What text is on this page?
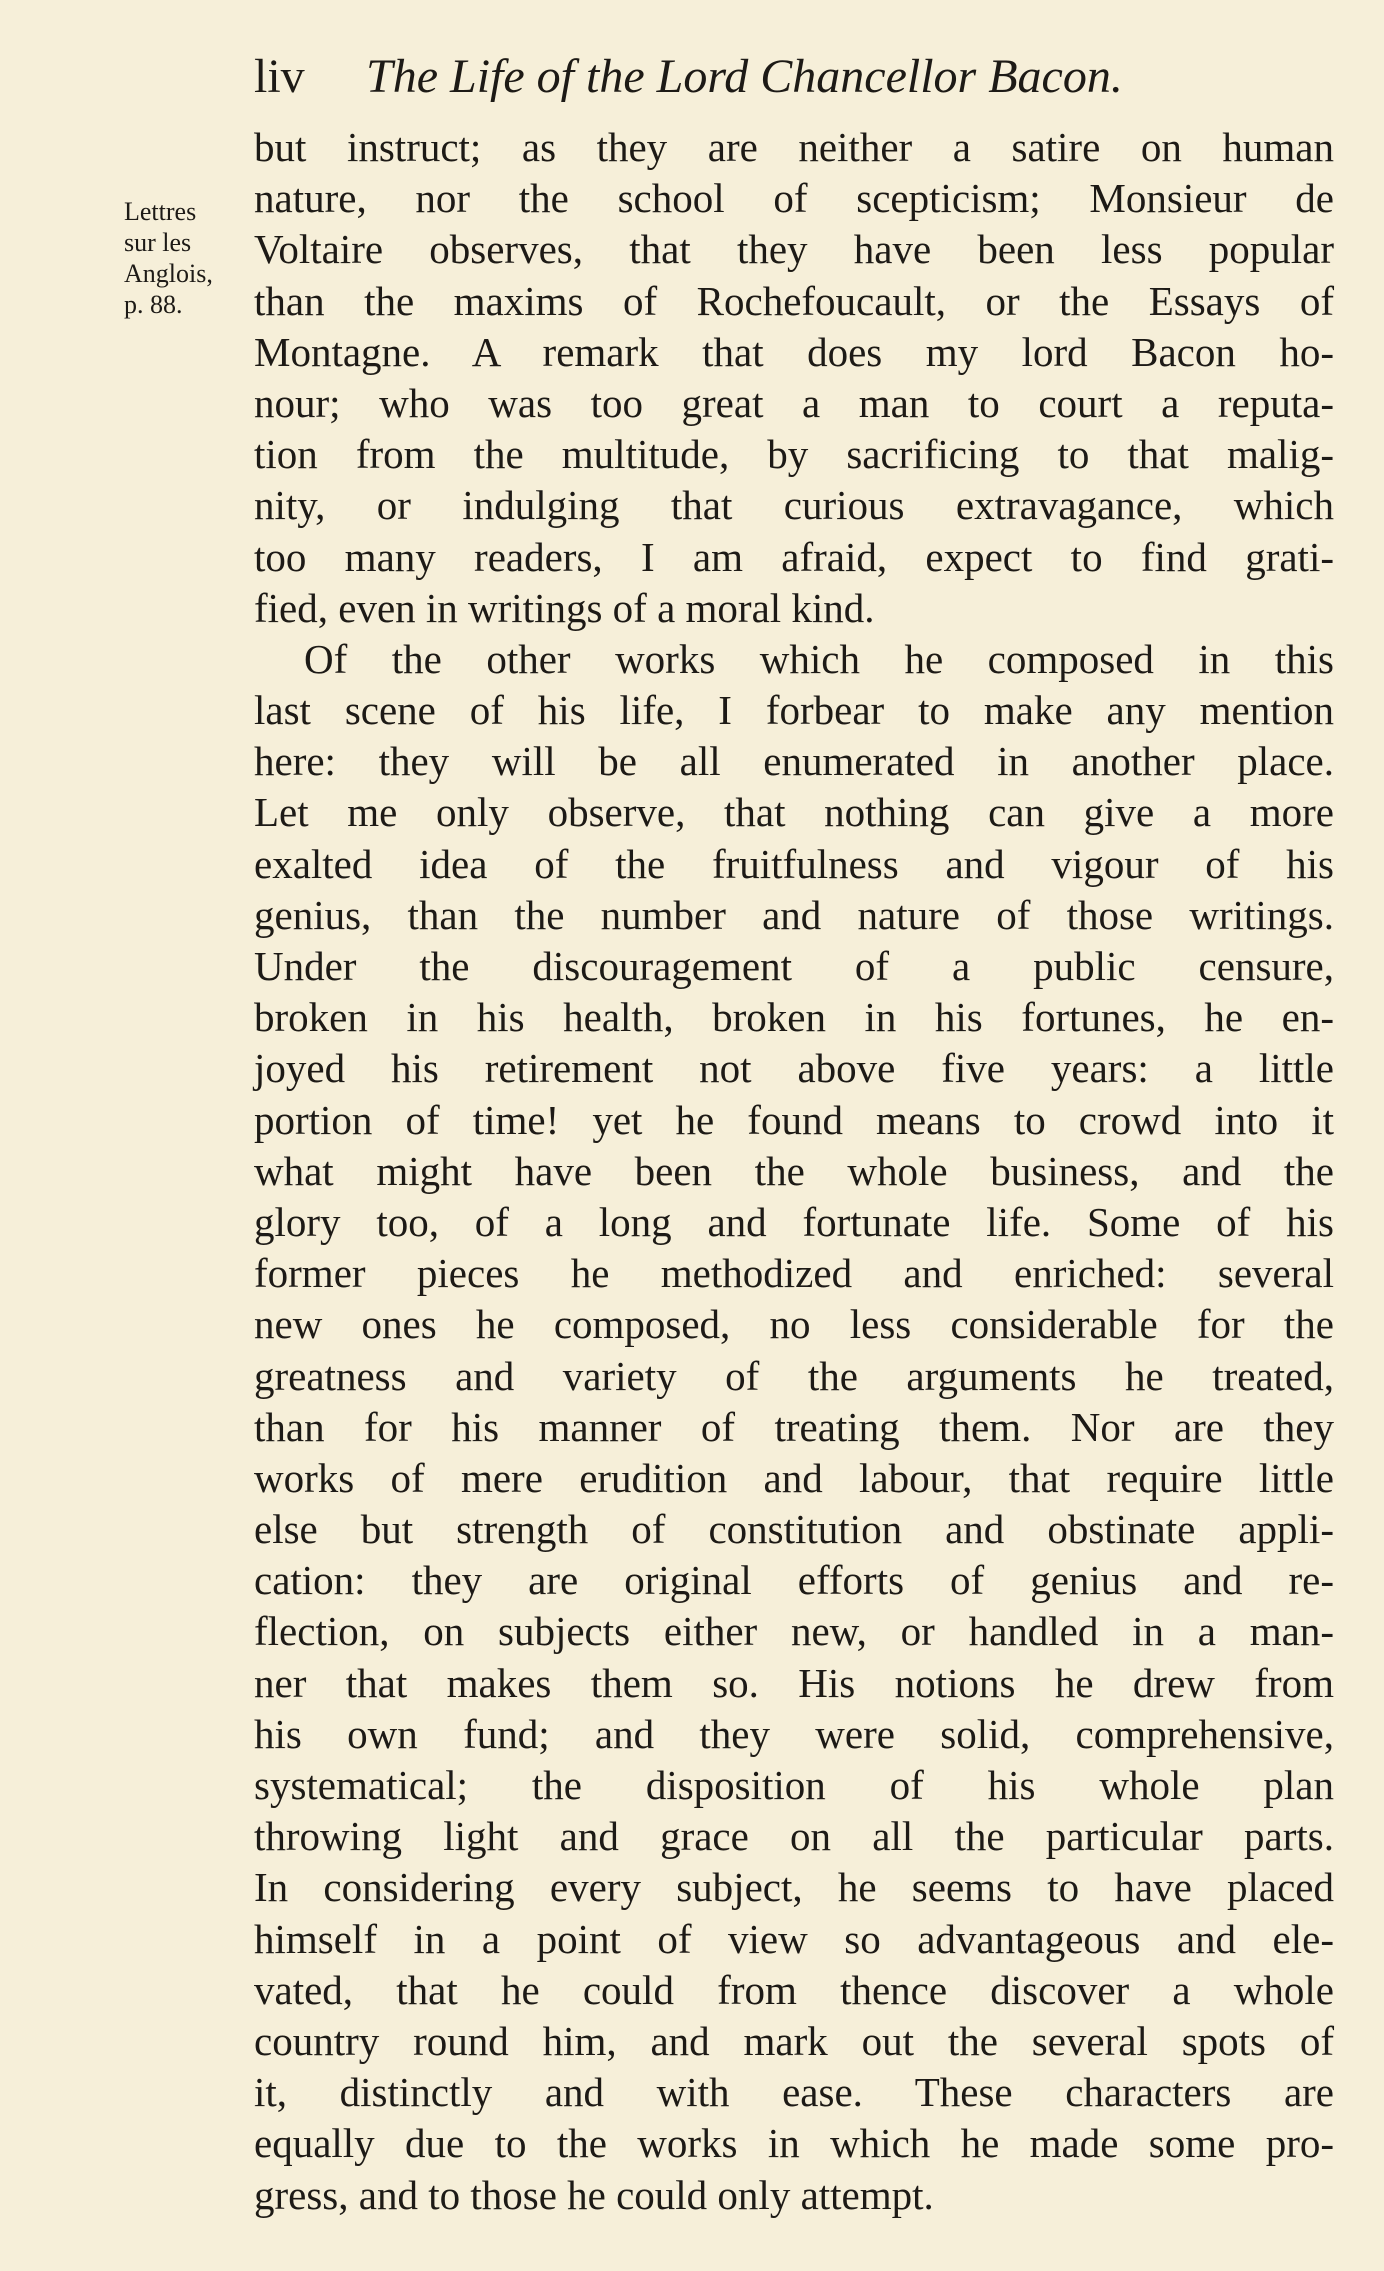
liv The Life of the Lord Chancellor Bacon.
Lettres
sur les
Anglois,
p. 88.
but instruct; as they are neither a satire on human
nature, nor the school of scepticism; Monsieur de
Voltaire observes, that they have been less popular
than the maxims of Rochefoucault, or the Essays of
Montagne. A remark that does my lord Bacon ho-
nour; who was too great a man to court a reputa-
tion from the multitude, by sacrificing to that malig-
nity, or indulging that curious extravagance, which
too many readers, I am afraid, expect to find grati-
fied, even in writings of a moral kind.
Of the other works which he composed in this
last scene of his life, I forbear to make any mention
here: they will be all enumerated in another place.
Let me only observe, that nothing can give a more
exalted idea of the fruitfulness and vigour of his
genius, than the number and nature of those writings.
Under the discouragement of a public censure,
broken in his health, broken in his fortunes, he en-
joyed his retirement not above five years: a little
portion of time! yet he found means to crowd into it
what might have been the whole business, and the
glory too, of a long and fortunate life. Some of his
former pieces he methodized and enriched: several
new ones he composed, no less considerable for the
greatness and variety of the arguments he treated,
than for his manner of treating them. Nor are they
works of mere erudition and labour, that require little
else but strength of constitution and obstinate appli-
cation: they are original efforts of genius and re-
flection, on subjects either new, or handled in a man-
ner that makes them so. His notions he drew from
his own fund; and they were solid, comprehensive,
systematical; the disposition of his whole plan
throwing light and grace on all the particular parts.
In considering every subject, he seems to have placed
himself in a point of view so advantageous and ele-
vated, that he could from thence discover a whole
country round him, and mark out the several spots of
it, distinctly and with ease. These characters are
equally due to the works in which he made some pro-
gress, and to those he could only attempt.
